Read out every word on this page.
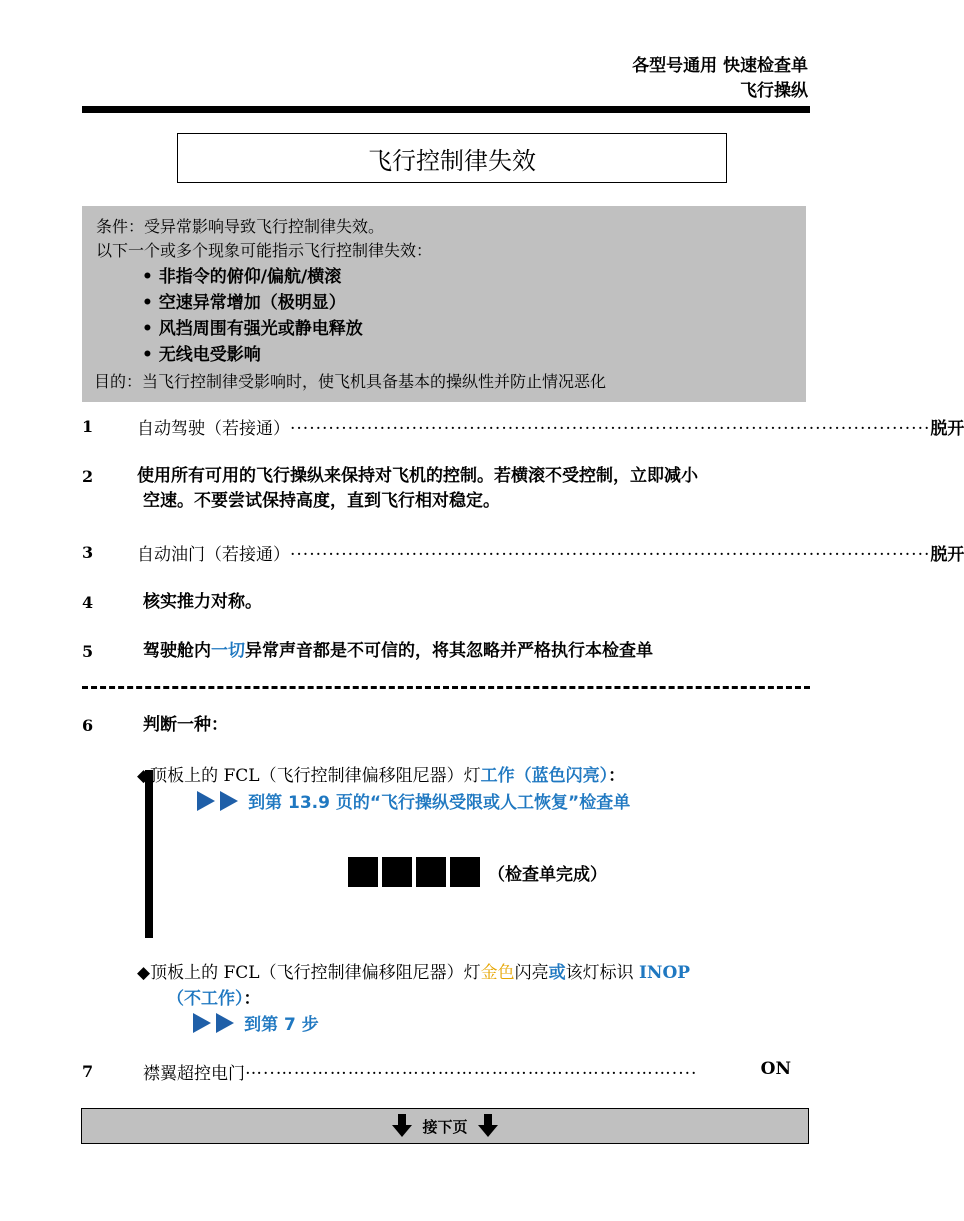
各型号通用 快速检查单
飞行操纵
飞行控制律失效
条件：受异常影响导致飞行控制律失效。
以下一个或多个现象可能指示飞行控制律失效：
• 非指令的俯仰/偏航/横滚
• 空速异常增加（极明显）
• 风挡周围有强光或静电释放
• 无线电受影响
目的：当飞行控制律受影响时，使飞机具备基本的操纵性并防止情况恶化
1	自动驾驶（若接通） .................................................................................................... 脱开
2	使用所有可用的飞行操纵来保持对飞机的控制。若横滚不受控制，立即减小
空速。不要尝试保持高度，直到飞行相对稳定。
3	自动油门（若接通） .................................................................................................... 脱开
4	核实推力对称。
5	驾驶舱内一切异常声音都是不可信的，将其忽略并严格执行本检查单
6	判断一种：
◆顶板上的 FCL（飞行控制律偏移阻尼器）灯工作（蓝色闪亮）：
到第 13.9 页的“飞行操纵受限或人工恢复”检查单
（检查单完成）
◆顶板上的 FCL（飞行控制律偏移阻尼器）灯金色闪亮或该灯标识 INOP
（不工作）：
到第 7 步
7	襟翼超控电门 …..…………………………………………………………....	ON
接下页
